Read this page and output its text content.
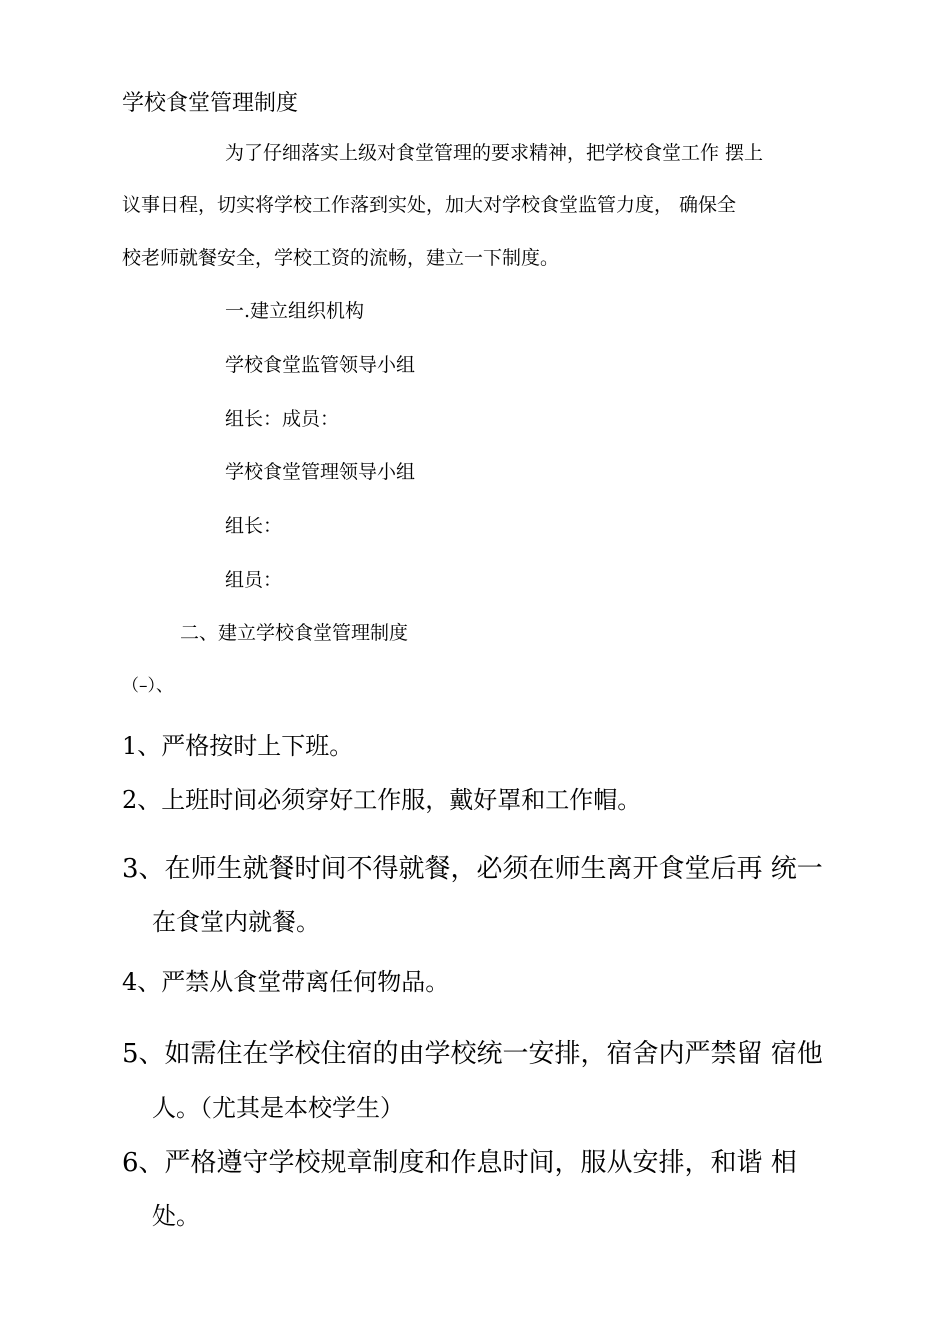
学校食堂管理制度

为了仔细落实上级对食堂管理的要求精神，把学校食堂工作 摆上

议事日程，切实将学校工作落到实处，加大对学校食堂监管力度， 确保全

校老师就餐安全，学校工资的流畅，建立一下制度。

一.建立组织机构

学校食堂监管领导小组

组长：成员：

学校食堂管理领导小组

组长：

组员：

二、建立学校食堂管理制度

（–）、

1、严格按时上下班。

2、上班时间必须穿好工作服，戴好罩和工作帽。

3、在师生就餐时间不得就餐，必须在师生离开食堂后再 统一

在食堂内就餐。

4、严禁从食堂带离任何物品。

5、如需住在学校住宿的由学校统一安排，宿舍内严禁留 宿他

人。（尤其是本校学生）

6、严格遵守学校规章制度和作息时间，服从安排，和谐 相

处。
